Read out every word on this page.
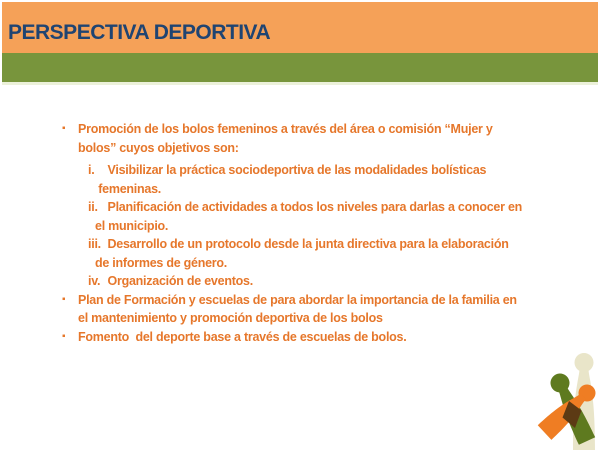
PERSPECTIVA DEPORTIVA
▪	Promoción de los bolos femeninos a través del área o comisión “Mujer y
bolos” cuyos objetivos son:
i.	Visibilizar la práctica sociodeportiva de las modalidades bolísticas
femeninas.
ii. Planificación de actividades a todos los niveles para darlas a conocer en
el municipio.
iii. Desarrollo de un protocolo desde la junta directiva para la elaboración
de informes de género.
iv. Organización de eventos.
▪	Plan de Formación y escuelas de para abordar la importancia de la familia en
el mantenimiento y promoción deportiva de los bolos
▪	Fomento  del deporte base a través de escuelas de bolos.
